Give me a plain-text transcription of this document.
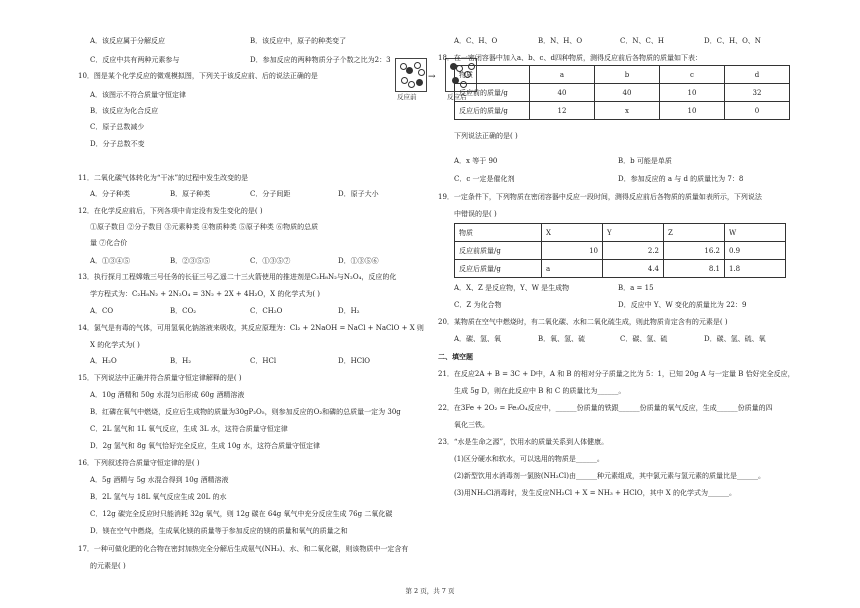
A．该反应属于分解反应	B．该反应中，原子的种类变了
C．反应中共有两种元素参与	D．参加反应的两种物质分子个数之比为2：3
10．图是某个化学反应的微观模拟图，下列关于该反应前、后的说法正确的是	→
反应前	反应后
A．该图示不符合质量守恒定律
B．该反应为化合反应
C．原子总数减少
D．分子总数不变
11．二氧化碳气体转化为“干冰”的过程中发生改变的是
A．分子种类	B．原子种类	C．分子间距	D．原子大小
12．在化学反应前后，下列各项中肯定没有发生变化的是( )
①原子数目 ②分子数目 ③元素种类 ④物质种类 ⑤原子种类 ⑥物质的总质
量 ⑦化合价
A．①③④⑤	B．②③⑤⑤	C．①③⑤⑦	D．①③⑤⑥
13．执行探月工程嫦娥三号任务的长征三号乙遥二十三火箭使用的推进剂是C₂H₈N₂与N₂O₄，反应的化
学方程式为：C₂H₈N₂ + 2N₂O₄ = 3N₂ + 2X + 4H₂O，X 的化学式为( )
A．CO	B．CO₂	C．CH₂O	D．H₂
14．氯气是有毒的气体，可用氢氧化钠溶液来吸收，其反应原理为：Cl₂ + 2NaOH = NaCl + NaClO + X 则
X 的化学式为( )
A．H₂O	B．H₂	C．HCl	D．HClO
15．下列说法中正确并符合质量守恒定律解释的是( )
A．10g 酒精和 50g 水混匀后形成 60g 酒精溶液
B．红磷在氧气中燃烧，反应后生成物的质量为30gP₂O₅，则参加反应的O₂和磷的总质量一定为 30g
C．2L 氢气和 1L 氧气反应，生成 3L 水，这符合质量守恒定律
D．2g 氢气和 8g 氧气恰好完全反应，生成 10g 水，这符合质量守恒定律
16．下列叙述符合质量守恒定律的是( )
A．5g 酒精与 5g 水混合得到 10g 酒精溶液
B．2L 氢气与 18L 氧气反应生成 20L 的水
C．12g 碳完全反应时只能消耗 32g 氧气，则 12g 碳在 64g 氧气中充分反应生成 76g 二氧化碳
D．镁在空气中燃烧，生成氧化镁的质量等于参加反应的镁的质量和氧气的质量之和
17．一种可做化肥的化合物在密封加热完全分解后生成氨气(NH₃)、水、和二氧化碳，则该物质中一定含有
的元素是( )
A．C、H、O	B．N、H、O	C．N、C、H	D．C、H、O、N
18．在一密闭容器中加入a、b、c、d四种物质，测得反应前后各物质的质量如下表：
物质	a	b	c	d
反应前的质量/g	40	40	10	32
反应后的质量/g	12	x	10	0
下列说法正确的是( )
A．x 等于 90	B．b 可能是单质
C．c 一定是催化剂	D．参加反应的 a 与 d 的质量比为 7：8
19．一定条件下，下列物质在密闭容器中反应一段时间，测得反应前后各物质的质量如表所示，下列说法
中错误的是( )
物质	X	Y	Z	W
反应前质量/g	10	2.2	16.2	0.9
反应后质量/g	a	4.4	8.1	1.8
A．X、Z 是反应物，Y、W 是生成物	B．a = 15
C．Z 为化合物	D．反应中 Y、W 变化的质量比为 22：9
20．某物质在空气中燃烧时，有二氧化碳、水和二氧化硫生成，则此物质肯定含有的元素是( )
A．碳、氢、氧	B．氧、氢、硫	C．碳、氢、硫	D．碳、氢、硫、氧
二、填空题
21．在反应2A + B = 3C + D中，A 和 B 的相对分子质量之比为 5：1，已知 20g A 与一定量 B 恰好完全反应，
生成 5g D，则在此反应中 B 和 C 的质量比为______。
22．在3Fe + 2O₂ = Fe₃O₄反应中，______份质量的铁跟______份质量的氧气反应，生成______份质量的四
氧化三铁。
23．“水是生命之源”，饮用水的质量关系到人体健康。
(1)区分硬水和软水，可以选用的物质是______。
(2)新型饮用水消毒剂一氯胺(NH₂Cl)由______种元素组成，其中氯元素与氢元素的质量比是______。
(3)用NH₂Cl消毒时，发生反应NH₂Cl + X = NH₃ + HClO，其中 X 的化学式为______。
第 2 页，共 7 页
